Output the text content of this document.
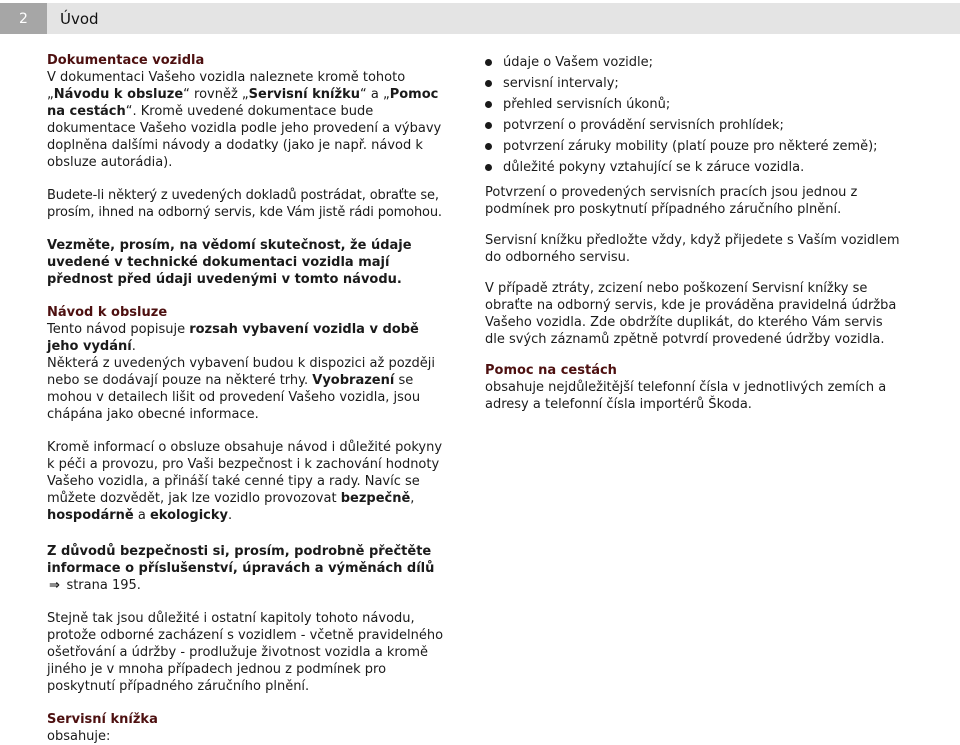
2 Úvod

Dokumentace vozidla

V dokumentaci Vašeho vozidla naleznete kromě tohoto „Návodu k obsluze“ rovněž „Servisní knížku“ a „Pomoc na cestách“. Kromě uvedené dokumentace bude dokumentace Vašeho vozidla podle jeho provedení a výbavy doplněna dalšími návody a dodatky (jako je např. návod k obsluze autorádia).

Budete-li některý z uvedených dokladů postrádat, obraťte se, prosím, ihned na odborný servis, kde Vám jistě rádi pomohou.

Vezměte, prosím, na vědomí skutečnost, že údaje uvedené v technické dokumentaci vozidla mají přednost před údaji uvedenými v tomto návodu.

Návod k obsluze

Tento návod popisuje rozsah vybavení vozidla v době jeho vydání.

Některá z uvedených vybavení budou k dispozici až později nebo se dodávají pouze na některé trhy. Vyobrazení se mohou v detailech lišit od provedení Vašeho vozidla, jsou chápána jako obecné informace.

Kromě informací o obsluze obsahuje návod i důležité pokyny k péči a provozu, pro Vaši bezpečnost i k zachování hodnoty Vašeho vozidla, a přináší také cenné tipy a rady. Navíc se můžete dozvědět, jak lze vozidlo provozovat bezpečně, hospodárně a ekologicky.

Z důvodů bezpečnosti si, prosím, podrobně přečtěte informace o příslušenství, úpravách a výměnách dílů ⇒ strana 195.

Stejně tak jsou důležité i ostatní kapitoly tohoto návodu, protože odborné zacházení s vozidlem - včetně pravidelného ošetřování a údržby - prodlužuje životnost vozidla a kromě jiného je v mnoha případech jednou z podmínek pro poskytnutí případného záručního plnění.

Servisní knížka

obsahuje:

údaje o Vašem vozidle;
servisní intervaly;
přehled servisních úkonů;
potvrzení o provádění servisních prohlídek;
potvrzení záruky mobility (platí pouze pro některé země);
důležité pokyny vztahující se k záruce vozidla.

Potvrzení o provedených servisních pracích jsou jednou z podmínek pro poskytnutí případného záručního plnění.

Servisní knížku předložte vždy, když přijedete s Vaším vozidlem do odborného servisu.

V případě ztráty, zcizení nebo poškození Servisní knížky se obraťte na odborný servis, kde je prováděna pravidelná údržba Vašeho vozidla. Zde obdržíte duplikát, do kterého Vám servis dle svých záznamů zpětně potvrdí provedené údržby vozidla.

Pomoc na cestách

obsahuje nejdůležitější telefonní čísla v jednotlivých zemích a adresy a telefonní čísla importérů Škoda.
